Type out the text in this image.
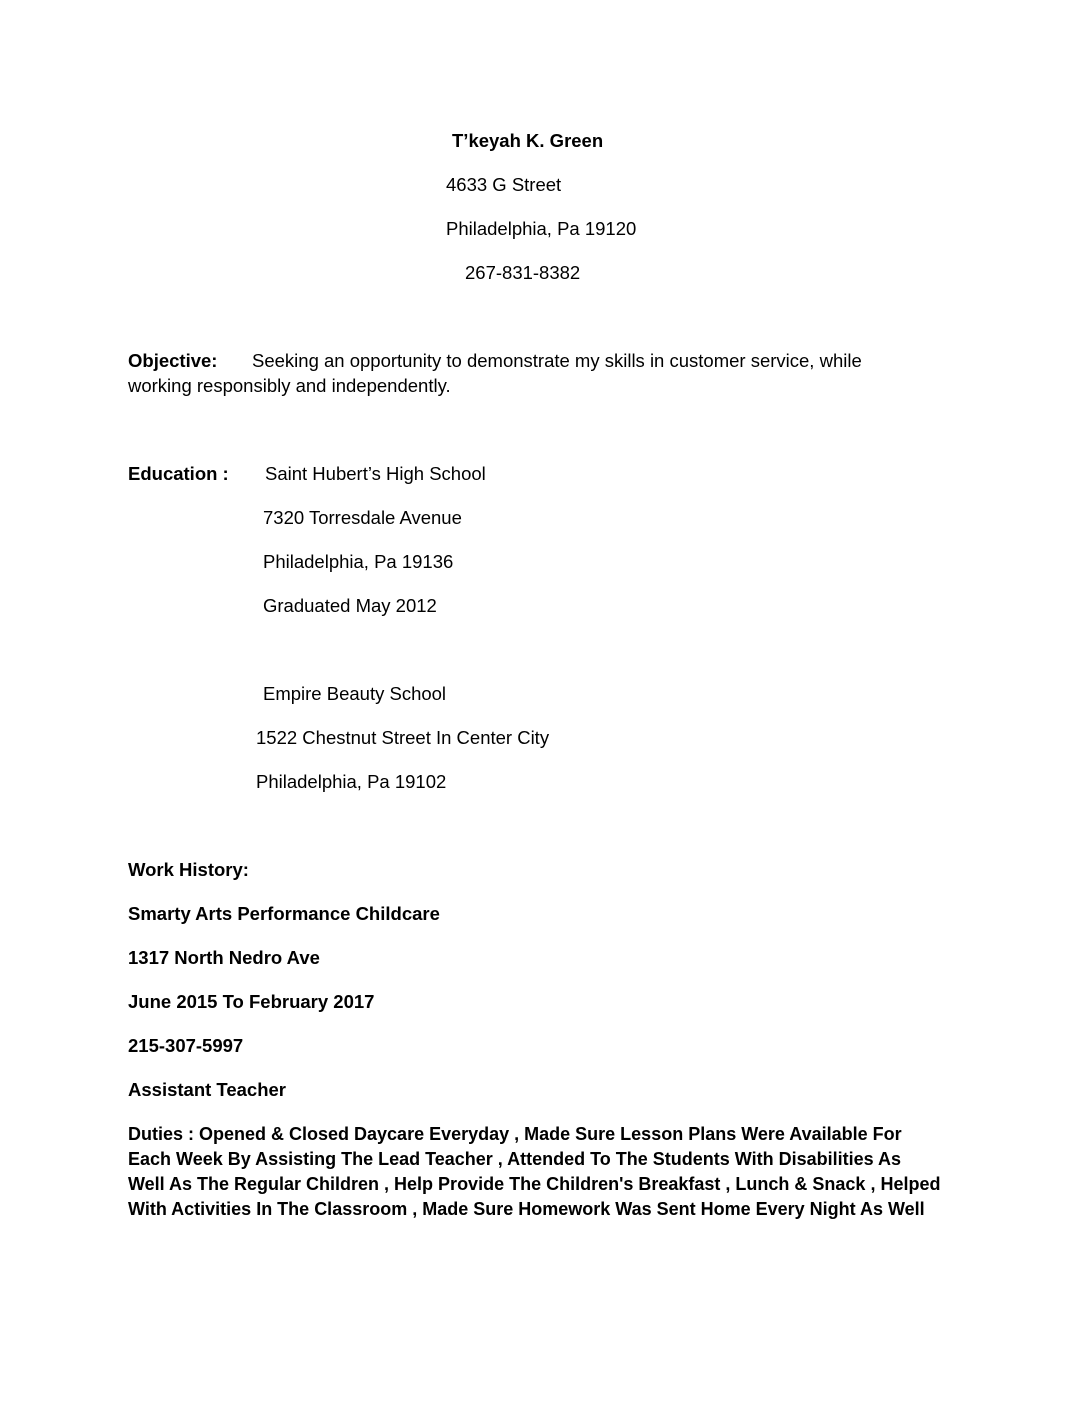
T’keyah K. Green
4633 G Street
Philadelphia, Pa 19120
267-831-8382
Objective: Seeking an opportunity to demonstrate my skills in customer service, while
working responsibly and independently.
Education : Saint Hubert’s High School
7320 Torresdale Avenue
Philadelphia, Pa 19136
Graduated May 2012
Empire Beauty School
1522 Chestnut Street In Center City
Philadelphia, Pa 19102
Work History:
Smarty Arts Performance Childcare
1317 North Nedro Ave
June 2015 To February 2017
215-307-5997
Assistant Teacher
Duties : Opened & Closed Daycare Everyday , Made Sure Lesson Plans Were Available For
Each Week By Assisting The Lead Teacher , Attended To The Students With Disabilities As
Well As The Regular Children , Help Provide The Children's Breakfast , Lunch & Snack , Helped
With Activities In The Classroom , Made Sure Homework Was Sent Home Every Night As Well
